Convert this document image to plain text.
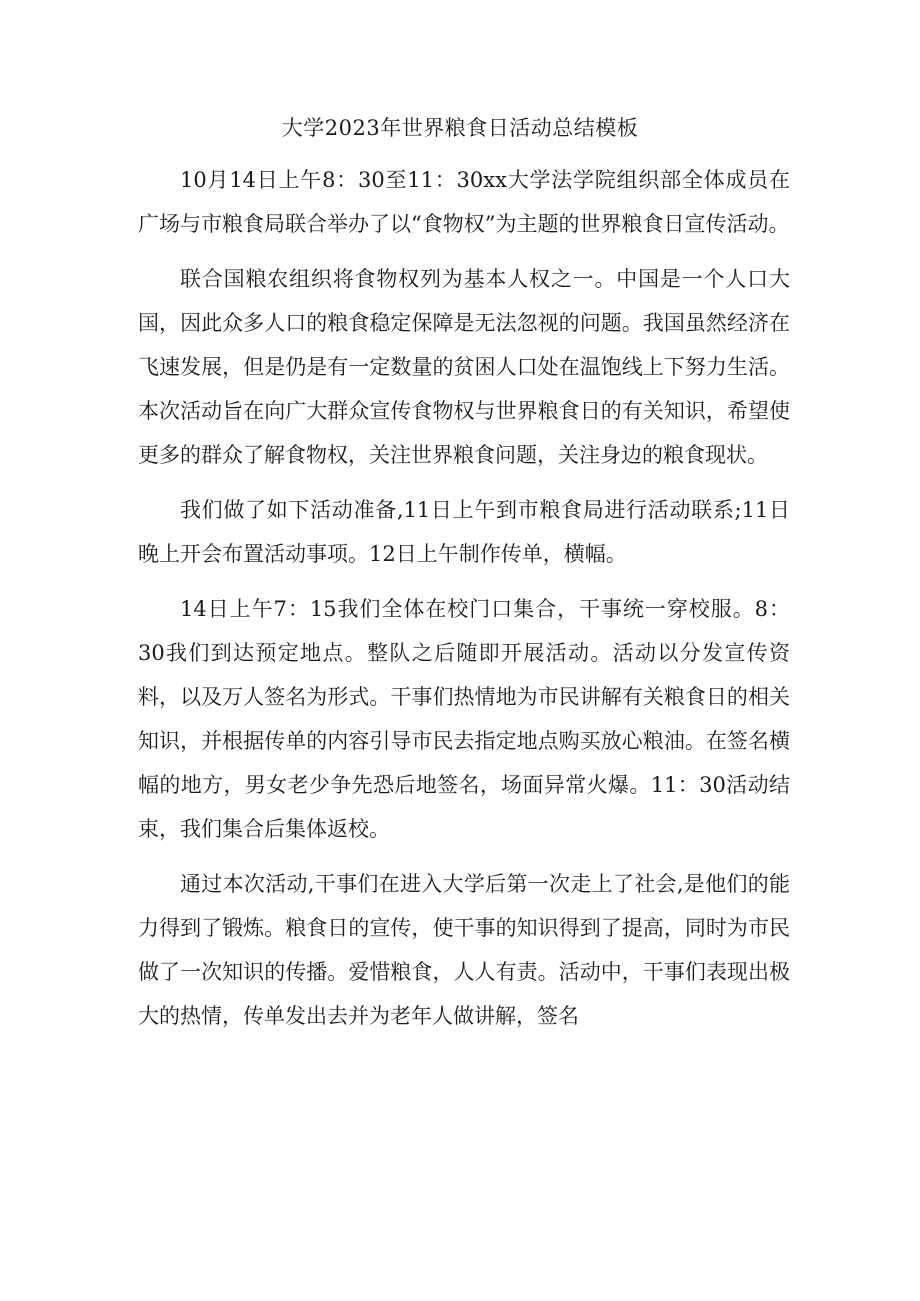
大学2023年世界粮食日活动总结模板

10月14日上午8：30至11：30xx大学法学院组织部全体成员在广场与市粮食局联合举办了以“食物权”为主题的世界粮食日宣传活动。

联合国粮农组织将食物权列为基本人权之一。中国是一个人口大国，因此众多人口的粮食稳定保障是无法忽视的问题。我国虽然经济在飞速发展，但是仍是有一定数量的贫困人口处在温饱线上下努力生活。本次活动旨在向广大群众宣传食物权与世界粮食日的有关知识，希望使更多的群众了解食物权，关注世界粮食问题，关注身边的粮食现状。

我们做了如下活动准备,11日上午到市粮食局进行活动联系;11日晚上开会布置活动事项。12日上午制作传单，横幅。

14日上午7：15我们全体在校门口集合，干事统一穿校服。8：30我们到达预定地点。整队之后随即开展活动。活动以分发宣传资料，以及万人签名为形式。干事们热情地为市民讲解有关粮食日的相关知识，并根据传单的内容引导市民去指定地点购买放心粮油。在签名横幅的地方，男女老少争先恐后地签名，场面异常火爆。11：30活动结束，我们集合后集体返校。

通过本次活动,干事们在进入大学后第一次走上了社会,是他们的能力得到了锻炼。粮食日的宣传，使干事的知识得到了提高，同时为市民做了一次知识的传播。爱惜粮食，人人有责。活动中，干事们表现出极大的热情，传单发出去并为老年人做讲解，签名
